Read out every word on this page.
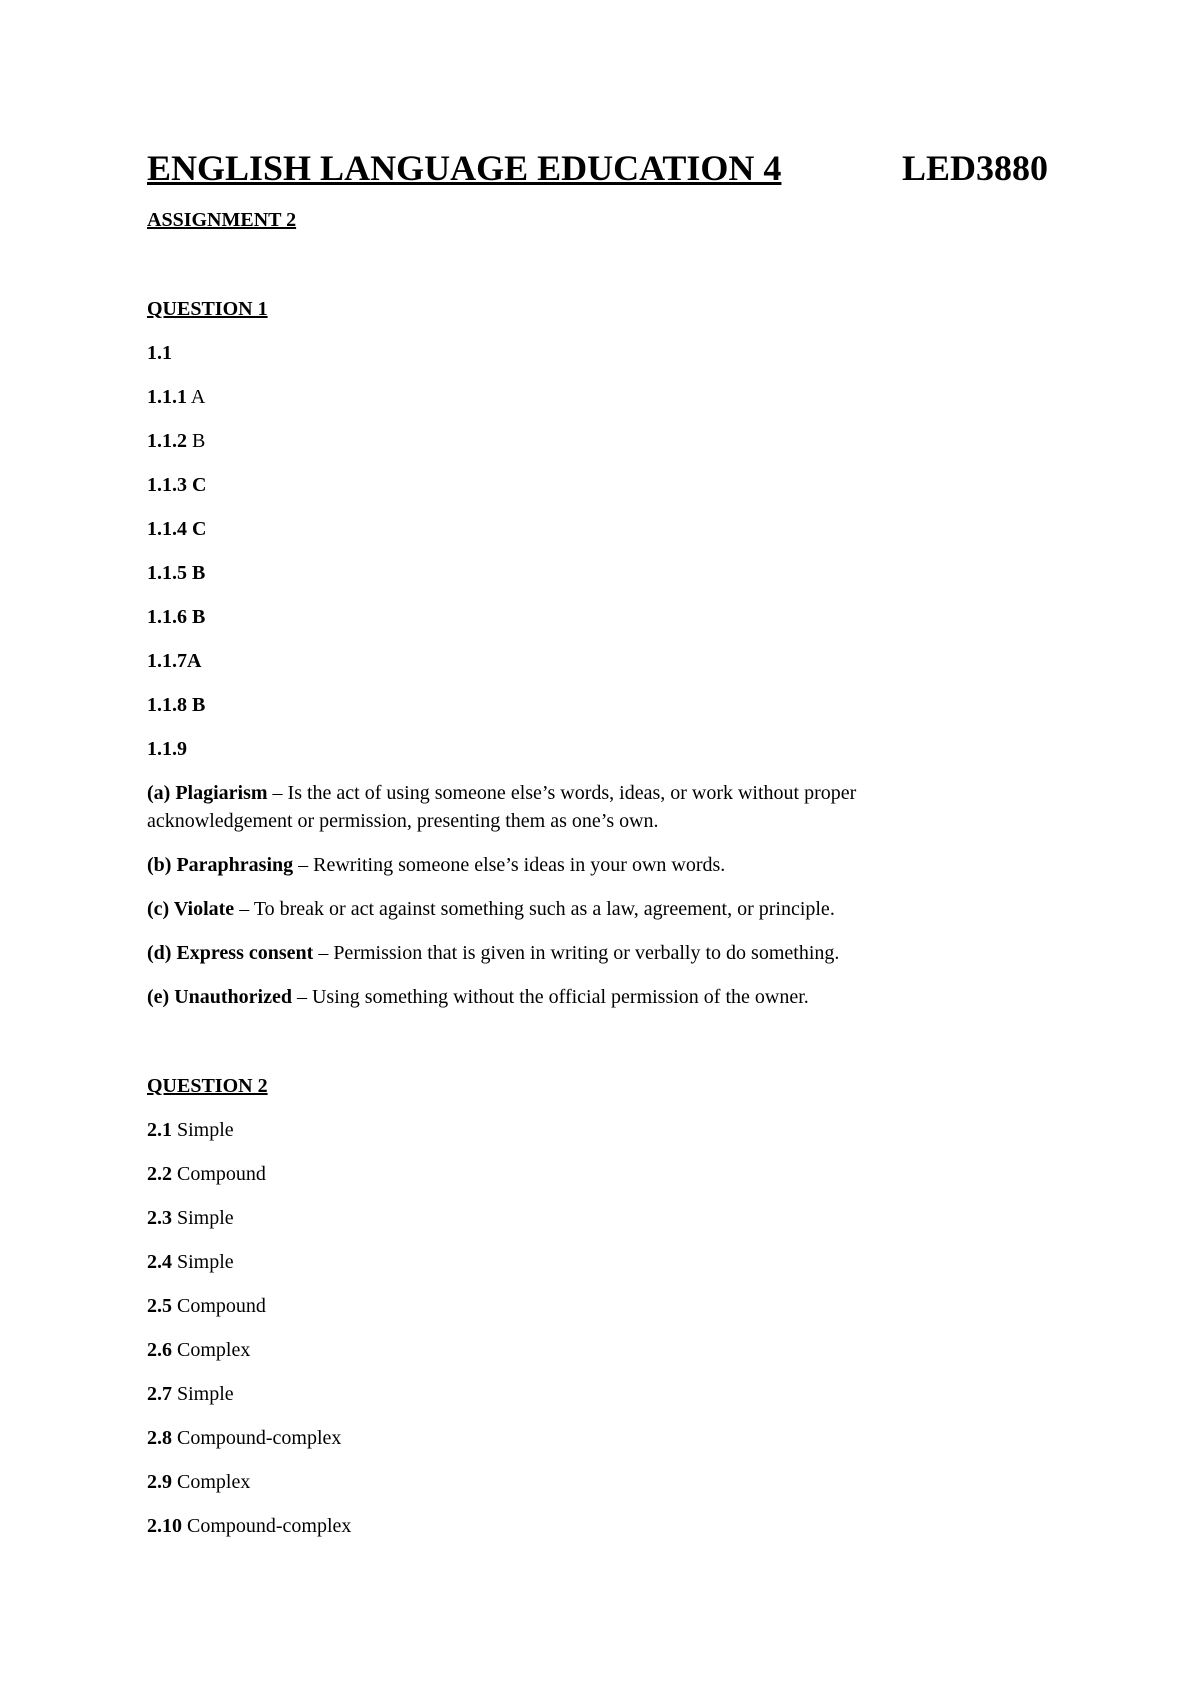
ENGLISH LANGUAGE EDUCATION 4	LED3880
ASSIGNMENT 2
QUESTION 1
1.1
1.1.1 A
1.1.2 B
1.1.3 C
1.1.4 C
1.1.5 B
1.1.6 B
1.1.7A
1.1.8 B
1.1.9
(a) Plagiarism – Is the act of using someone else’s words, ideas, or work without proper acknowledgement or permission, presenting them as one’s own.
(b) Paraphrasing – Rewriting someone else’s ideas in your own words.
(c) Violate – To break or act against something such as a law, agreement, or principle.
(d) Express consent – Permission that is given in writing or verbally to do something.
(e) Unauthorized – Using something without the official permission of the owner.
QUESTION 2
2.1 Simple
2.2 Compound
2.3 Simple
2.4 Simple
2.5 Compound
2.6 Complex
2.7 Simple
2.8 Compound-complex
2.9 Complex
2.10 Compound-complex
